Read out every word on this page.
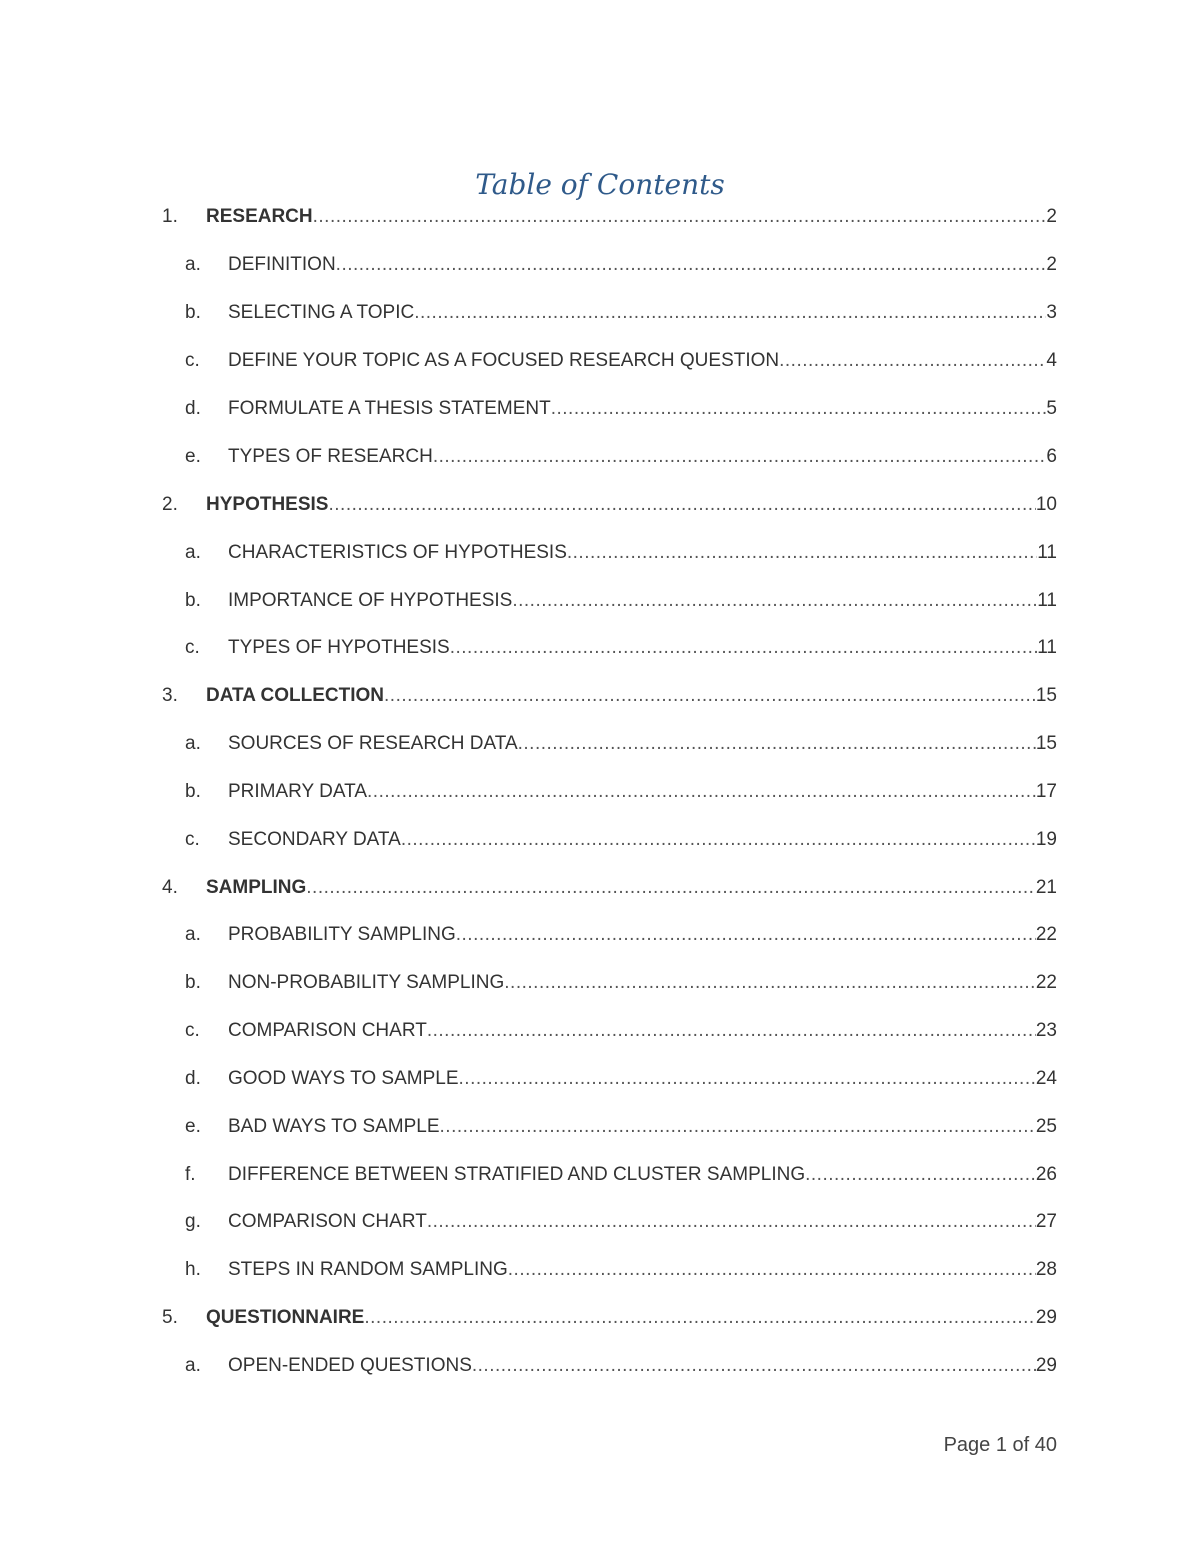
Table of Contents
1.	RESEARCH .....	2
a.	DEFINITION .....	2
b.	SELECTING A TOPIC .....	3
c.	DEFINE YOUR TOPIC AS A FOCUSED RESEARCH QUESTION .....	4
d.	FORMULATE A THESIS STATEMENT .....	5
e.	TYPES OF RESEARCH .....	6
2.	HYPOTHESIS .....	10
a.	CHARACTERISTICS OF HYPOTHESIS .....	11
b.	IMPORTANCE OF HYPOTHESIS .....	11
c.	TYPES OF HYPOTHESIS .....	11
3.	DATA COLLECTION .....	15
a.	SOURCES OF RESEARCH DATA .....	15
b.	PRIMARY DATA .....	17
c.	SECONDARY DATA .....	19
4.	SAMPLING .....	21
a.	PROBABILITY SAMPLING .....	22
b.	NON-PROBABILITY SAMPLING .....	22
c.	COMPARISON CHART .....	23
d.	GOOD WAYS TO SAMPLE .....	24
e.	BAD WAYS TO SAMPLE .....	25
f.	DIFFERENCE BETWEEN STRATIFIED AND CLUSTER SAMPLING .....	26
g.	COMPARISON CHART .....	27
h.	STEPS IN RANDOM SAMPLING .....	28
5.	QUESTIONNAIRE .....	29
a.	OPEN-ENDED QUESTIONS .....	29
Page 1 of 40
